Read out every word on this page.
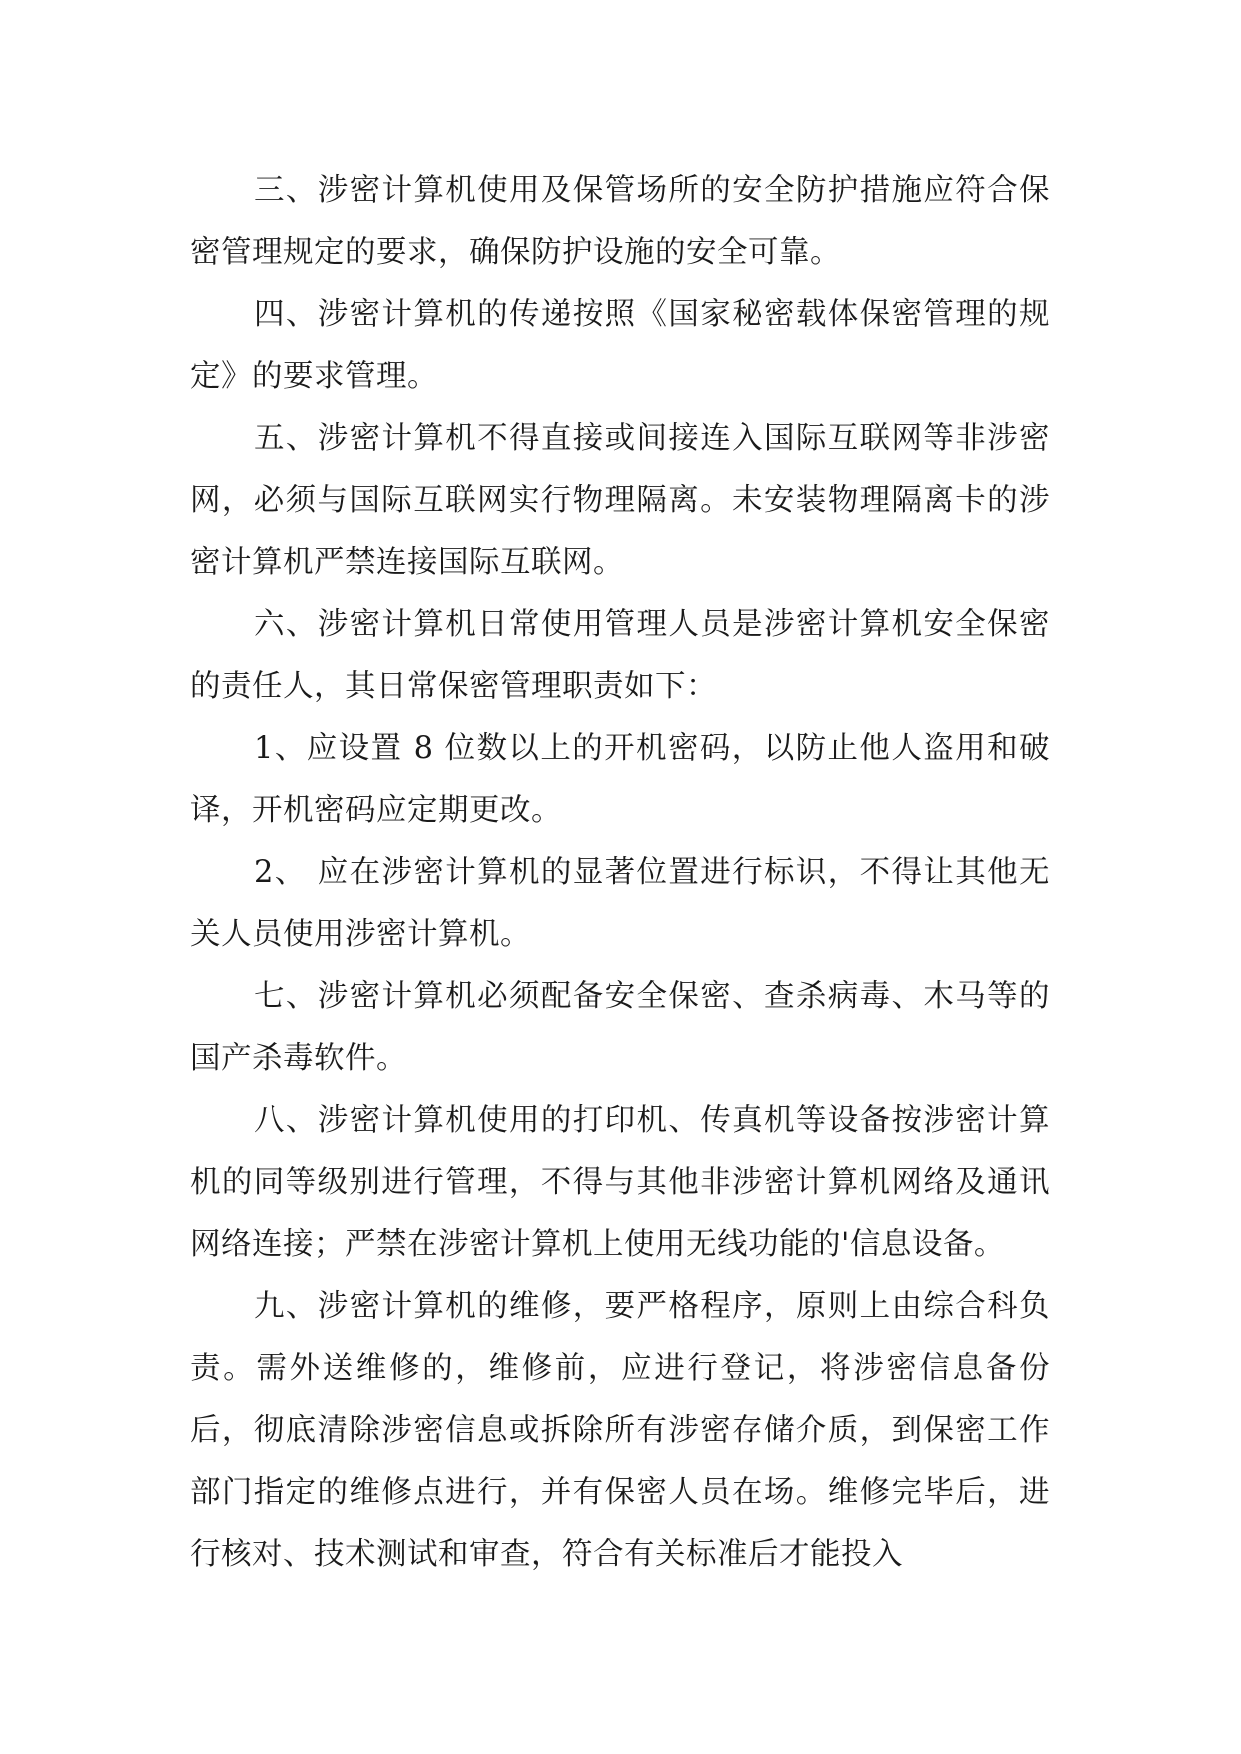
三、涉密计算机使用及保管场所的安全防护措施应符合保密管理规定的要求，确保防护设施的安全可靠。

四、涉密计算机的传递按照《国家秘密载体保密管理的规定》的要求管理。

五、涉密计算机不得直接或间接连入国际互联网等非涉密网，必须与国际互联网实行物理隔离。未安装物理隔离卡的涉密计算机严禁连接国际互联网。

六、涉密计算机日常使用管理人员是涉密计算机安全保密的责任人，其日常保密管理职责如下：

1、应设置 8 位数以上的开机密码，以防止他人盗用和破译，开机密码应定期更改。

2、 应在涉密计算机的显著位置进行标识，不得让其他无关人员使用涉密计算机。

七、涉密计算机必须配备安全保密、查杀病毒、木马等的国产杀毒软件。

八、涉密计算机使用的打印机、传真机等设备按涉密计算机的同等级别进行管理，不得与其他非涉密计算机网络及通讯网络连接；严禁在涉密计算机上使用无线功能的'信息设备。

九、涉密计算机的维修，要严格程序，原则上由综合科负责。需外送维修的，维修前，应进行登记，将涉密信息备份后，彻底清除涉密信息或拆除所有涉密存储介质，到保密工作部门指定的维修点进行，并有保密人员在场。维修完毕后，进行核对、技术测试和审查，符合有关标准后才能投入
